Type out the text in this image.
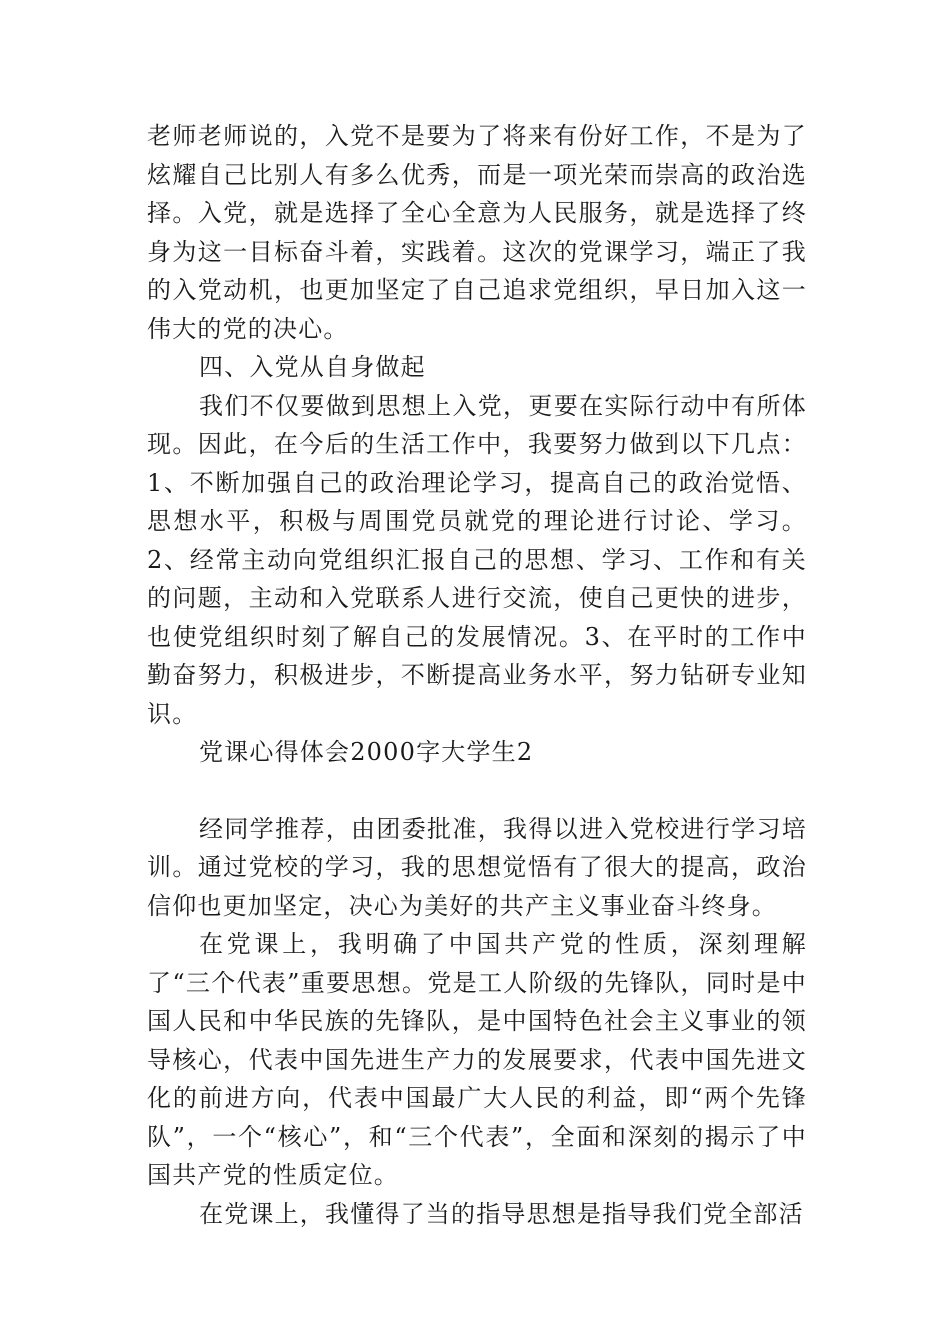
老师老师说的，入党不是要为了将来有份好工作，不是为了炫耀自己比别人有多么优秀，而是一项光荣而崇高的政治选择。入党，就是选择了全心全意为人民服务，就是选择了终身为这一目标奋斗着，实践着。这次的党课学习，端正了我的入党动机，也更加坚定了自己追求党组织，早日加入这一伟大的党的决心。

四、入党从自身做起

我们不仅要做到思想上入党，更要在实际行动中有所体现。因此，在今后的生活工作中，我要努力做到以下几点：1、不断加强自己的政治理论学习，提高自己的政治觉悟、思想水平，积极与周围党员就党的理论进行讨论、学习。2、经常主动向党组织汇报自己的思想、学习、工作和有关的问题，主动和入党联系人进行交流，使自己更快的进步，也使党组织时刻了解自己的发展情况。3、在平时的工作中勤奋努力，积极进步，不断提高业务水平，努力钻研专业知识。

党课心得体会2000字大学生2

经同学推荐，由团委批准，我得以进入党校进行学习培训。通过党校的学习，我的思想觉悟有了很大的提高，政治信仰也更加坚定，决心为美好的共产主义事业奋斗终身。

在党课上，我明确了中国共产党的性质，深刻理解了“三个代表”重要思想。党是工人阶级的先锋队，同时是中国人民和中华民族的先锋队，是中国特色社会主义事业的领导核心，代表中国先进生产力的发展要求，代表中国先进文化的前进方向，代表中国最广大人民的利益，即“两个先锋队”，一个“核心”，和“三个代表”，全面和深刻的揭示了中国共产党的性质定位。

在党课上，我懂得了当的指导思想是指导我们党全部活
